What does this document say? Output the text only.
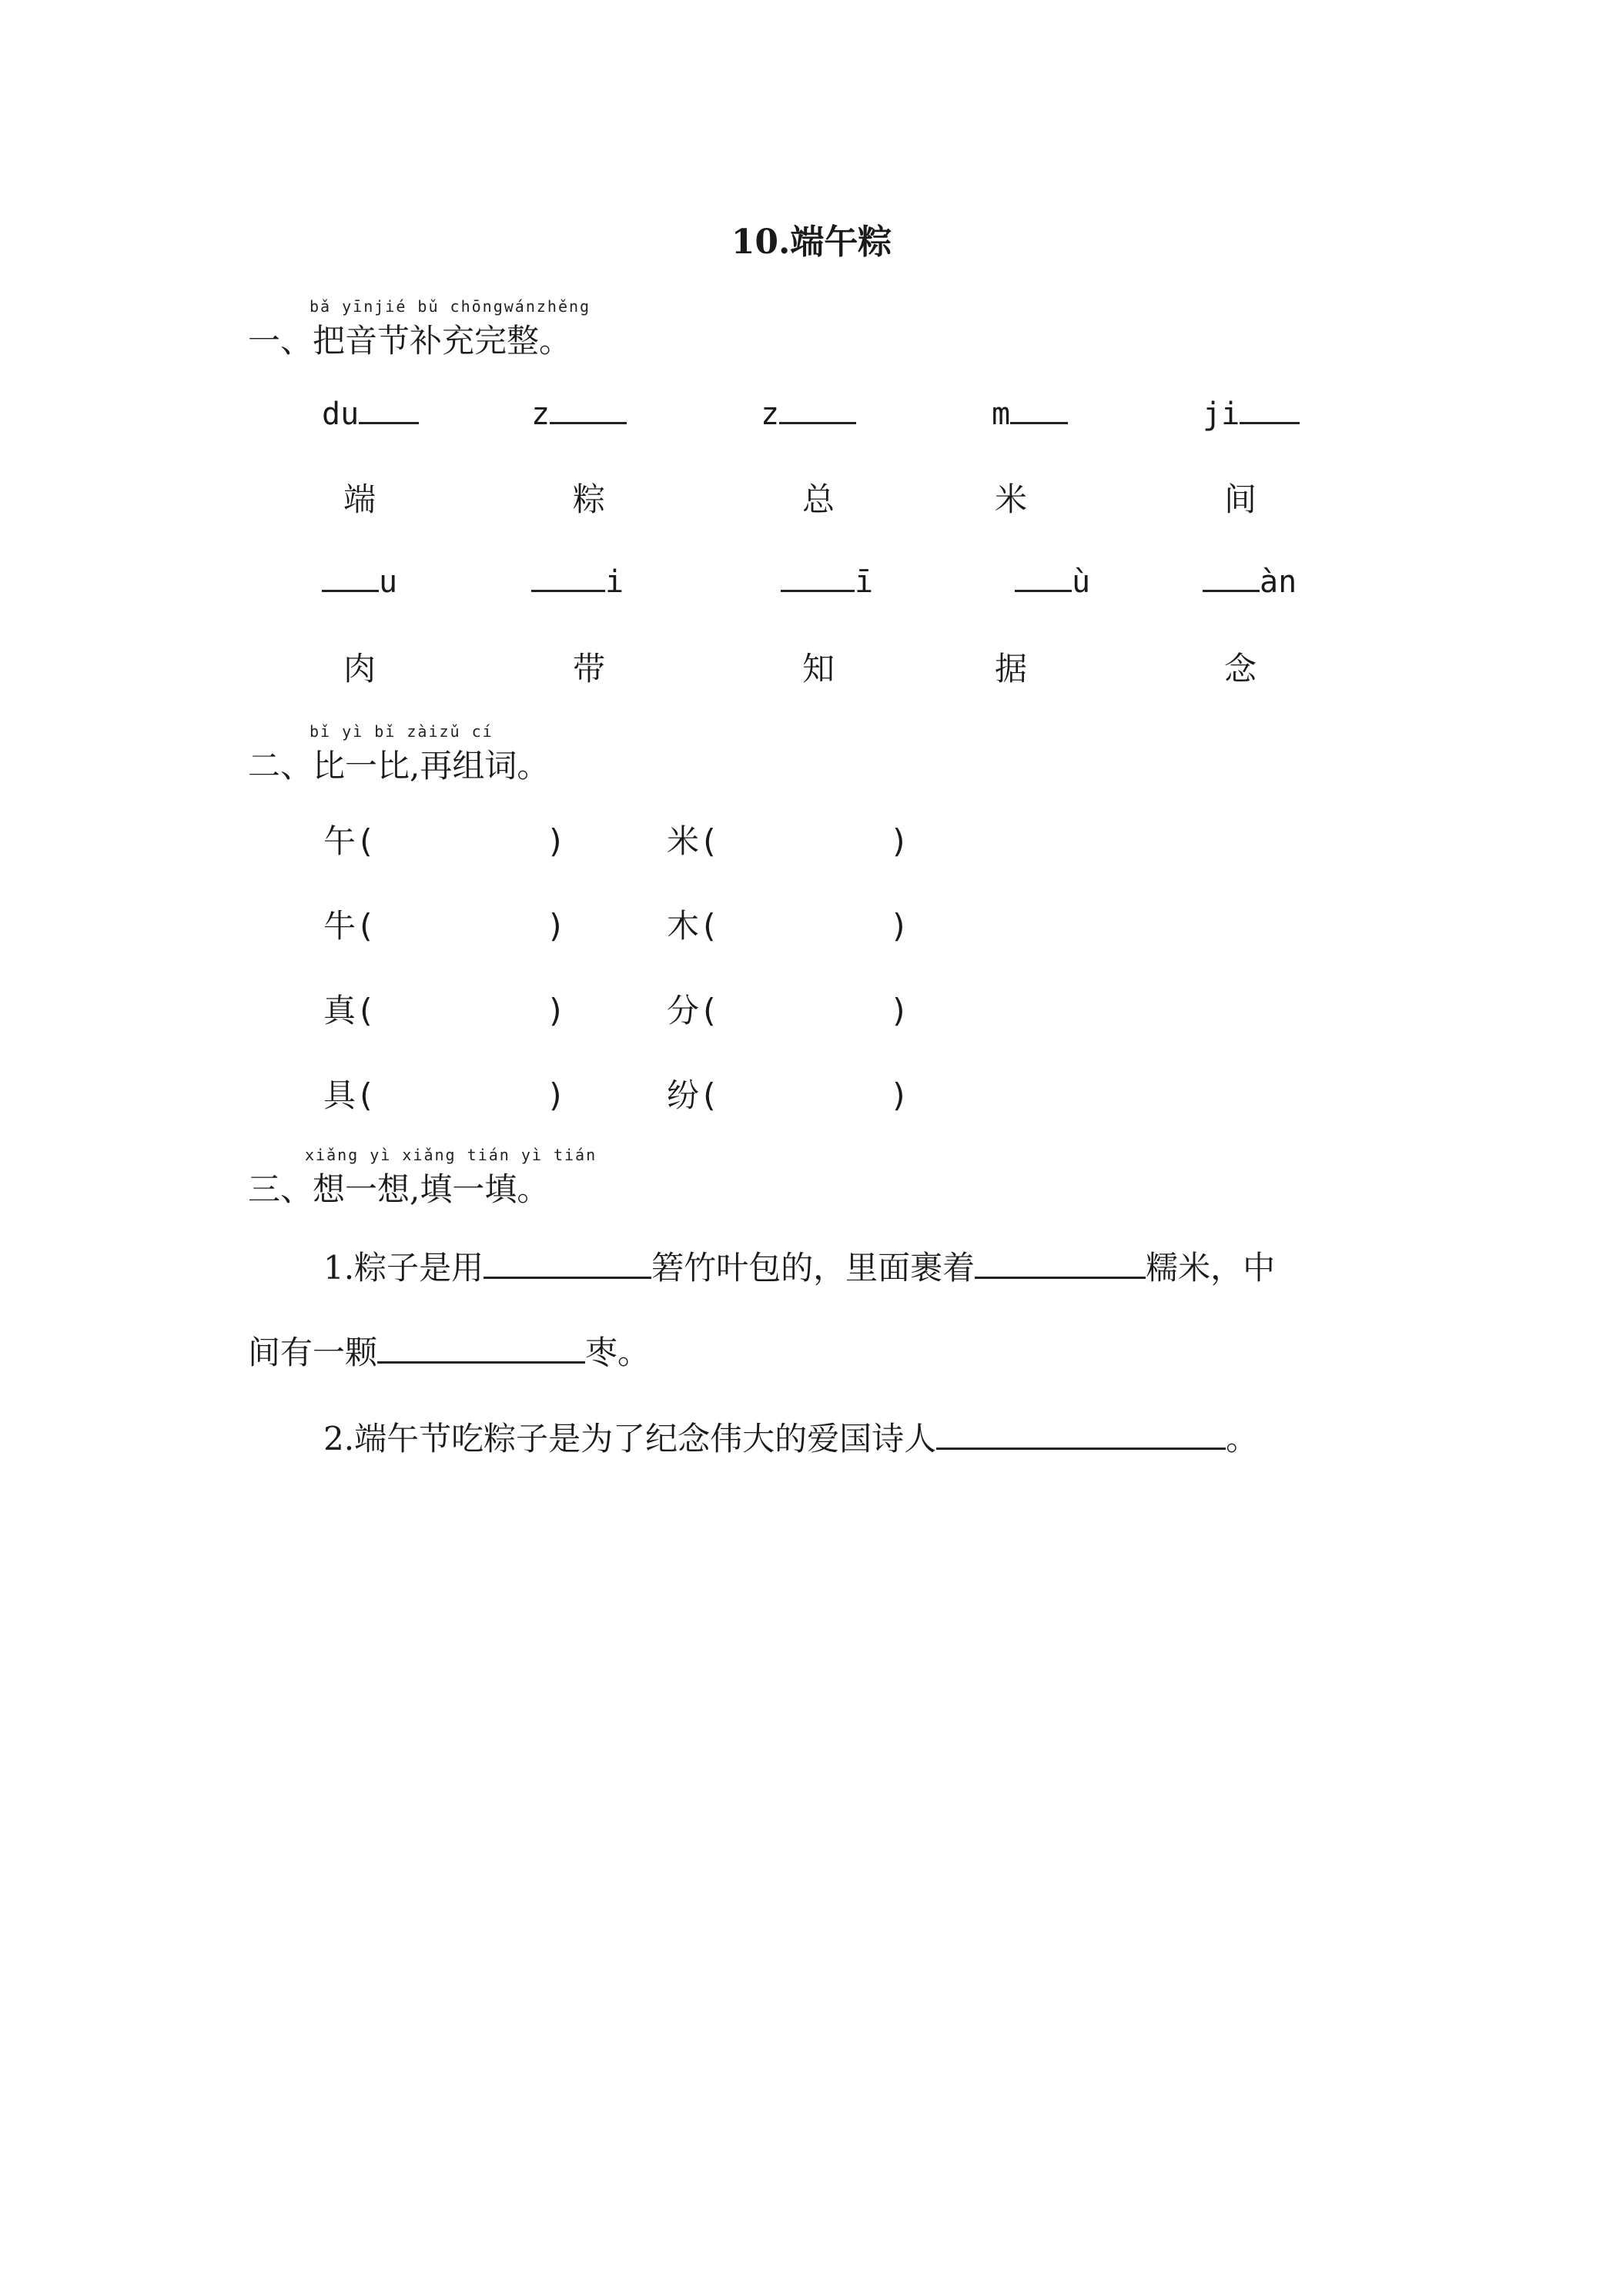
10.端午粽
bǎ yīnjié bǔ chōngwánzhěng
一、把音节补充完整。
du	z	z	m	ji
端	粽	总	米	间
u	i	ī	ù	àn
肉	带	知	据	念
bǐ yì bǐ zàizǔ cí
二、比一比,再组词。
午(	)	米(	)
牛(	)	木(	)
真(	)	分(	)
具(	)	纷(	)
xiǎng yì xiǎng tián yì tián
三、想一想,填一填。
1.粽子是用	箬竹叶包的，里面裹着	糯米，中
间有一颗	枣。
2.端午节吃粽子是为了纪念伟大的爱国诗人	。
